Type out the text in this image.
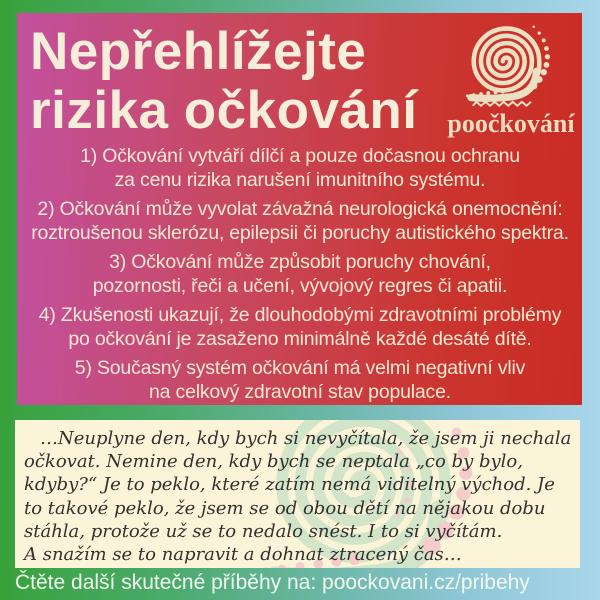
Nepřehlížejte
rizika očkování poočkování
1) Očkování vytváří dílčí a pouze dočasnou ochranu
za cenu rizika narušení imunitního systému.
2) Očkování může vyvolat závažná neurologická onemocnění:
roztroušenou sklerózu, epilepsii či poruchy autistického spektra.
3) Očkování může způsobit poruchy chování,
pozornosti, řeči a učení, vývojový regres či apatii.
4) Zkušenosti ukazují, že dlouhodobými zdravotními problémy
po očkování je zasaženo minimálně každé desáté dítě.
5) Současný systém očkování má velmi negativní vliv
na celkový zdravotní stav populace.
…Neuplyne den, kdy bych si nevyčítala, že jsem ji nechala
očkovat. Nemine den, kdy bych se neptala „co by bylo,
kdyby?“ Je to peklo, které zatím nemá viditelný východ. Je
to takové peklo, že jsem se od obou dětí na nějakou dobu
stáhla, protože už se to nedalo snést. I to si vyčítám.
A snažím se to napravit a dohnat ztracený čas…
Čtěte další skutečné příběhy na: poockovani.cz/pribehy
